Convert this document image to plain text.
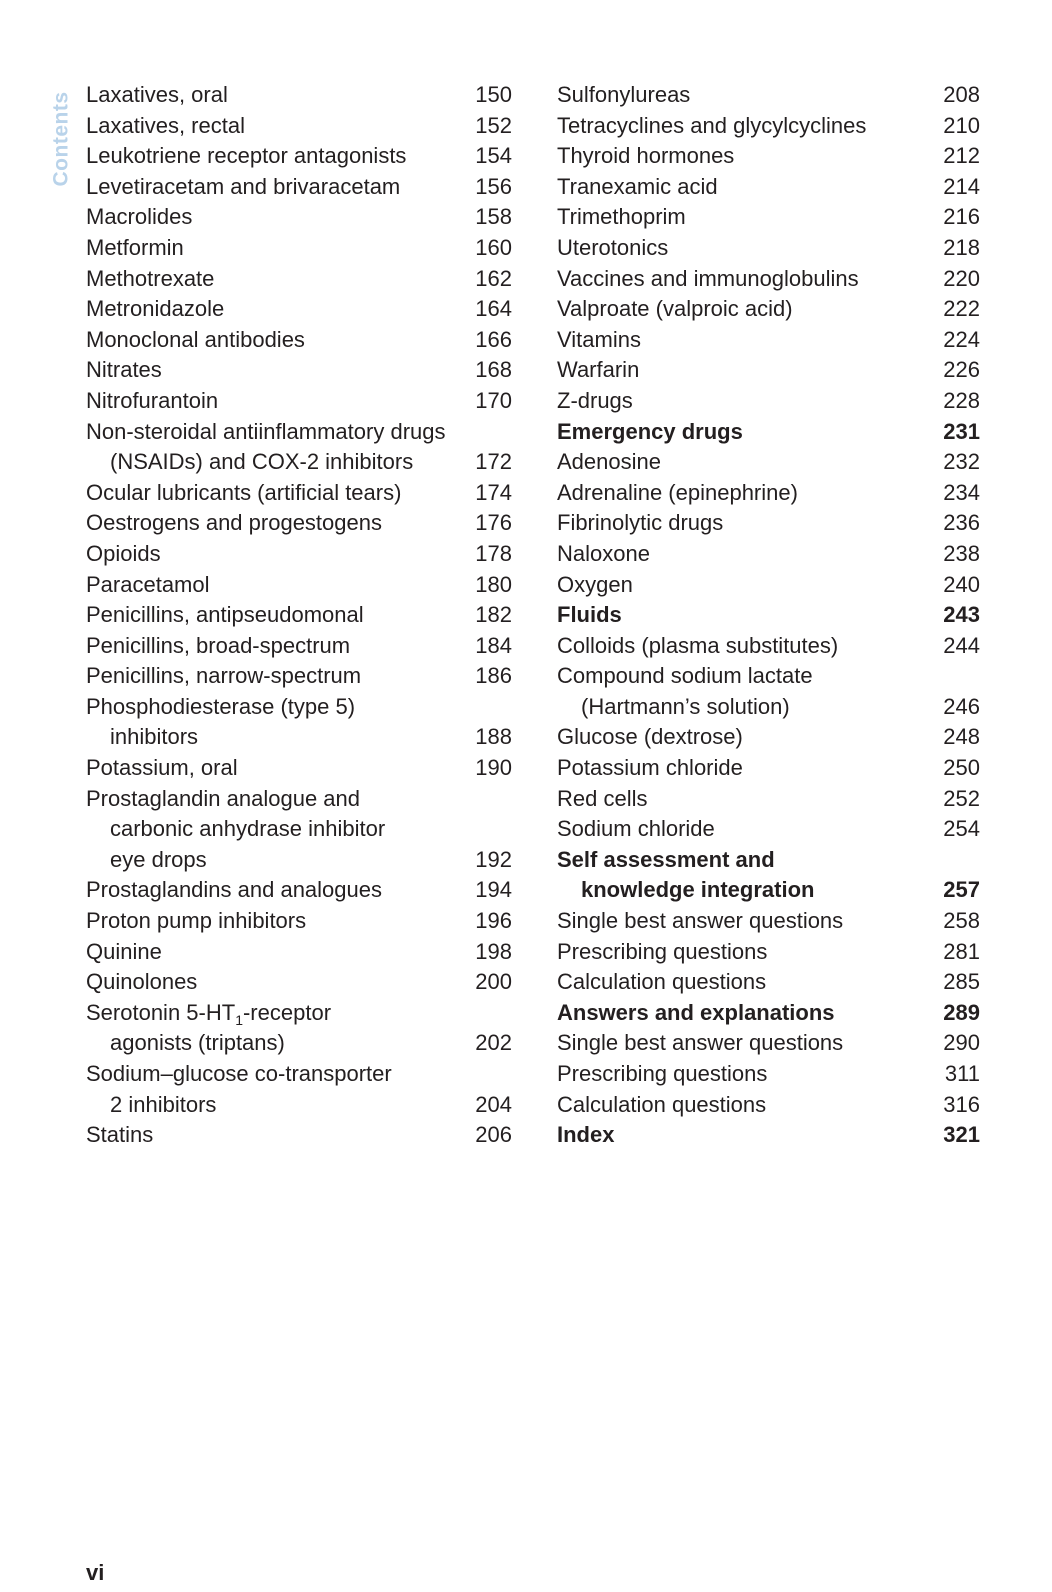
Contents Laxatives, oral	150
Laxatives, rectal	152
Leukotriene receptor antagonists	154
Levetiracetam and brivaracetam	156
Macrolides	158
Metformin	160
Methotrexate	162
Metronidazole	164
Monoclonal antibodies	166
Nitrates	168
Nitrofurantoin	170
Non-steroidal antiinflammatory drugs
(NSAIDs) and COX-2 inhibitors	172
Ocular lubricants (artificial tears)	174
Oestrogens and progestogens	176
Opioids	178
Paracetamol	180
Penicillins, antipseudomonal	182
Penicillins, broad-spectrum	184
Penicillins, narrow-spectrum	186
Phosphodiesterase (type 5)
inhibitors	188
Potassium, oral	190
Prostaglandin analogue and
carbonic anhydrase inhibitor
eye drops	192
Prostaglandins and analogues	194
Proton pump inhibitors	196
Quinine	198
Quinolones	200
Serotonin $5-HT_1$-receptor
agonists (triptans)	202
Sodium–glucose co-transporter
2 inhibitors	204
Statins	206
Sulfonylureas	208
Tetracyclines and glycylcyclines	210
Thyroid hormones	212
Tranexamic acid	214
Trimethoprim	216
Uterotonics	218
Vaccines and immunoglobulins	220
Valproate (valproic acid)	222
Vitamins	224
Warfarin	226
Z-drugs	228
Emergency drugs	231
Adenosine	232
Adrenaline (epinephrine)	234
Fibrinolytic drugs	236
Naloxone	238
Oxygen	240
Fluids	243
Colloids (plasma substitutes)	244
Compound sodium lactate
(Hartmann’s solution)	246
Glucose (dextrose)	248
Potassium chloride	250
Red cells	252
Sodium chloride	254
Self assessment and
knowledge integration	257
Single best answer questions	258
Prescribing questions	281
Calculation questions	285
Answers and explanations	289
Single best answer questions	290
Prescribing questions	311
Calculation questions	316
Index	321
vi
